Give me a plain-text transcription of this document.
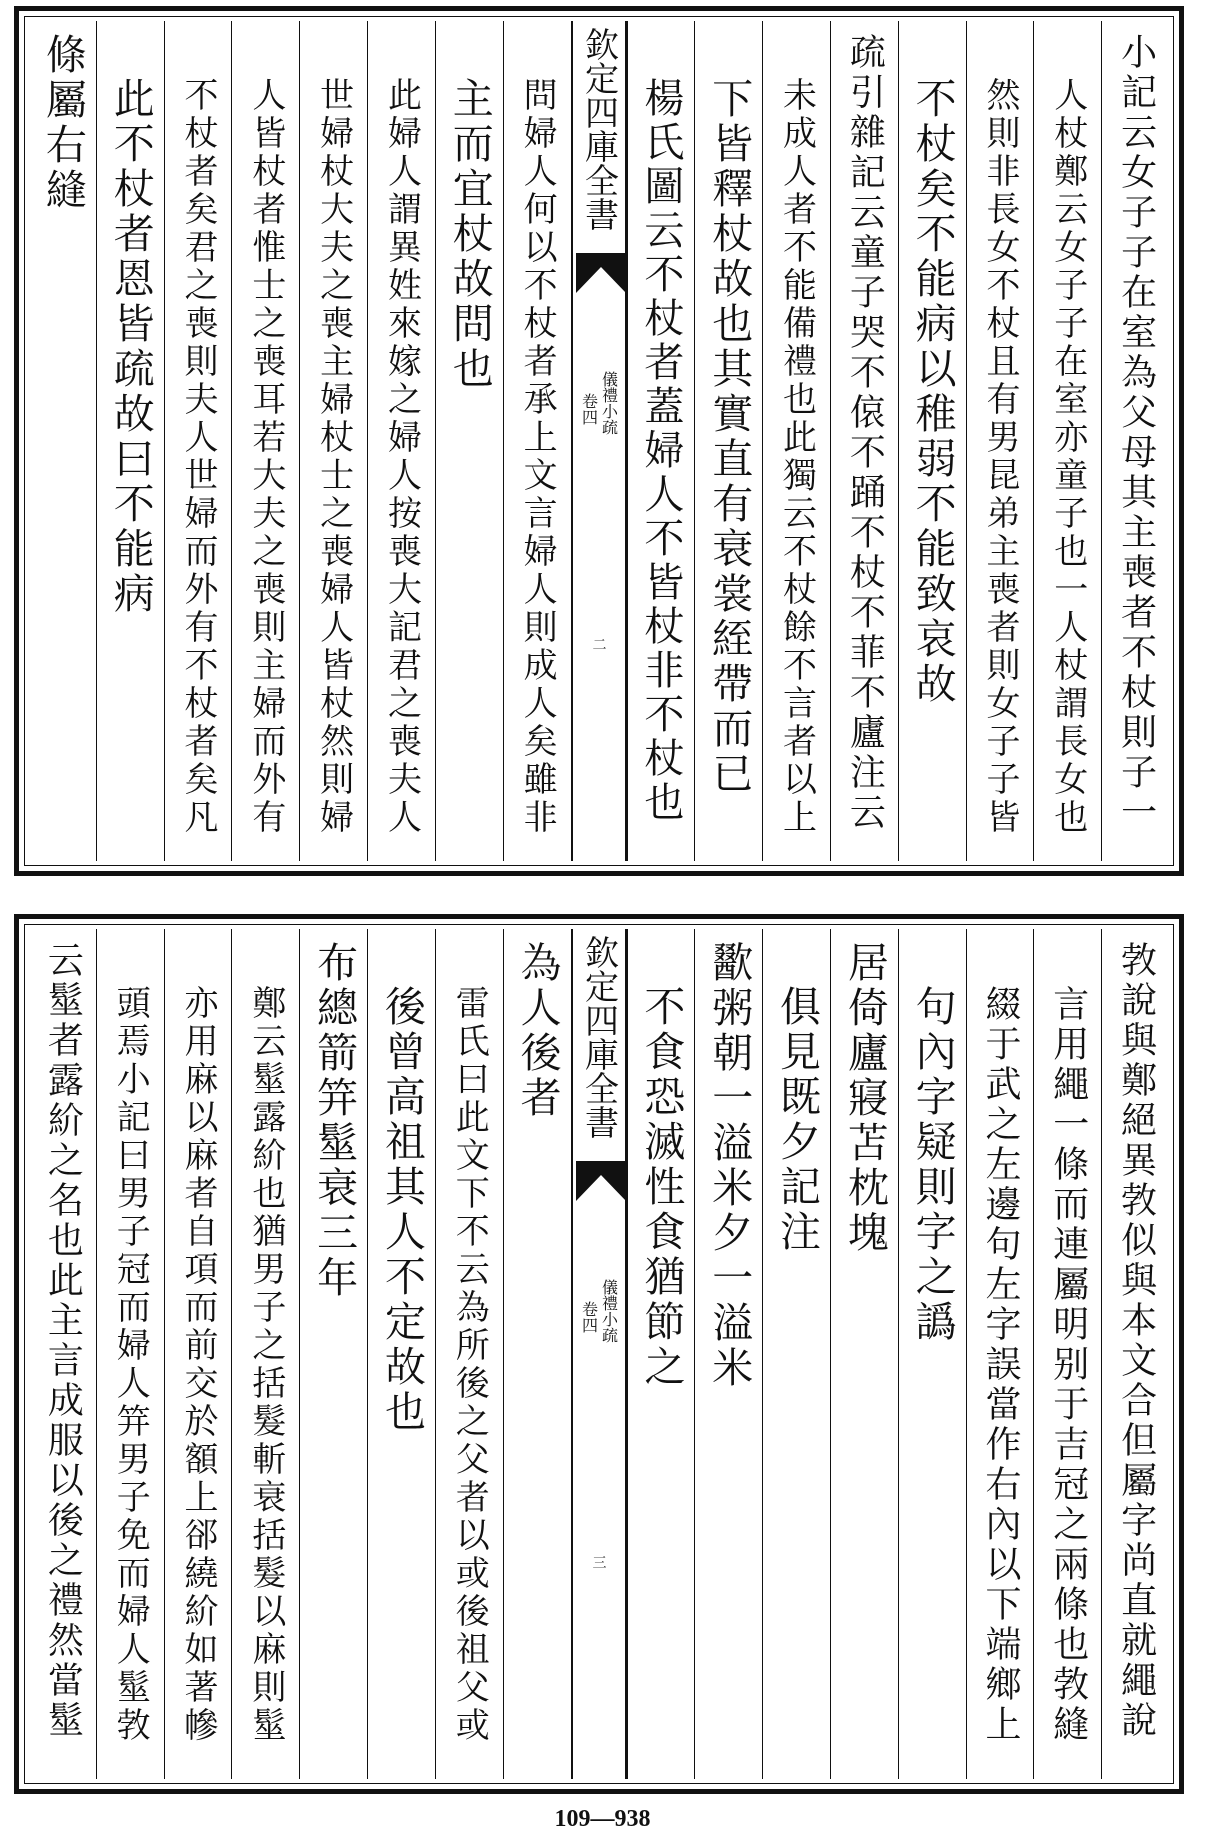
小記云女子子在室為父母其主喪者不杖則子一
人杖鄭云女子子在室亦童子也一人杖謂長女也
然則非長女不杖且有男昆弟主喪者則女子子皆
不杖矣不能病以稚弱不能致哀故
疏引雜記云童子哭不偯不踊不杖不菲不廬注云
未成人者不能備禮也此獨云不杖餘不言者以上
下皆釋杖故也其實直有衰裳絰帶而已
楊氏圖云不杖者蓋婦人不皆杖非不杖也
欽定四庫全書
儀禮小疏
卷四
二
問婦人何以不杖者承上文言婦人則成人矣雖非
主而宜杖故問也
此婦人謂異姓來嫁之婦人按喪大記君之喪夫人
世婦杖大夫之喪主婦杖士之喪婦人皆杖然則婦
人皆杖者惟士之喪耳若大夫之喪則主婦而外有
不杖者矣君之喪則夫人世婦而外有不杖者矣凡
此不杖者恩皆疏故曰不能病
條屬右縫
㪍說與鄭絕異㪍似與本文合但屬字尚直就繩說
言用繩一條而連屬明别于吉冠之兩條也㪍縫
綴于武之左邊句左字誤當作右內以下端鄉上
句內字疑則字之譌
居倚廬寢苫枕塊
俱見既夕記注
歠粥朝一溢米夕一溢米
不食恐滅性食猶節之
欽定四庫全書
儀禮小疏
卷四
三
為人後者
雷氏曰此文下不云為所後之父者以或後祖父或
後曾高祖其人不定故也
布總箭笄髽衰三年
鄭云髽露紒也猶男子之括髮斬衰括髮以麻則髽
亦用麻以麻者自項而前交於額上郤繞紒如著幓
頭焉小記曰男子冠而婦人笄男子免而婦人髽㪍
云髽者露紒之名也此主言成服以後之禮然當髽
109—938
